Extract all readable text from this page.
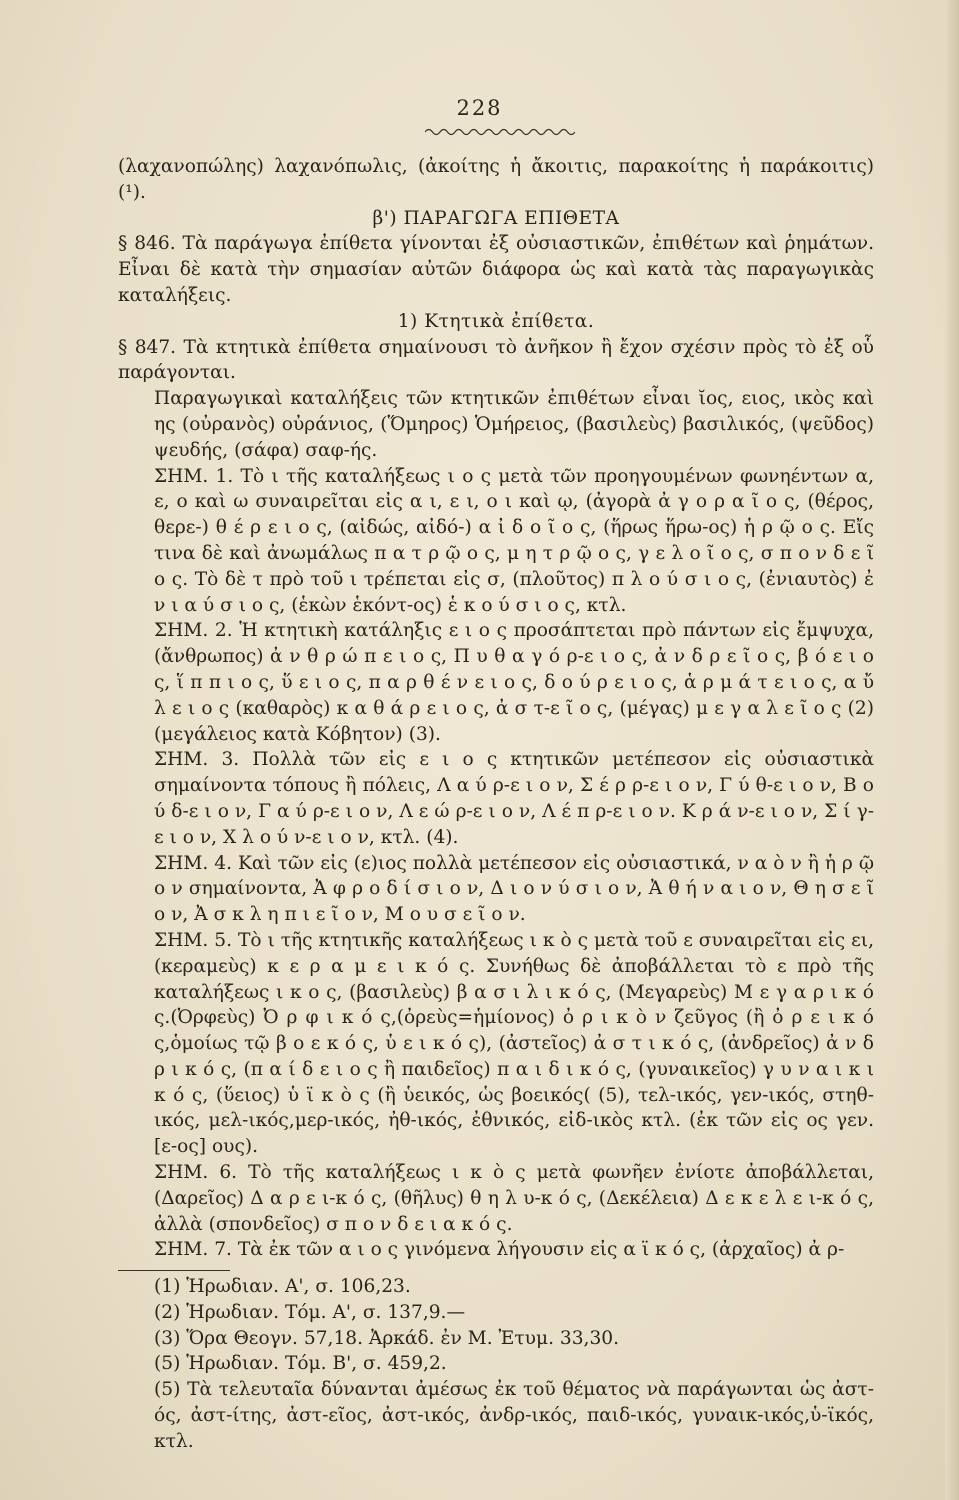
228

(λαχανοπώλης) λαχανόπωλις, (ἀκοίτης ἡ ἄκοιτις, παρακοίτης ἡ παράκοιτις) (¹).

β') ΠΑΡΑΓΩΓΑ ΕΠΙΘΕΤΑ

§ 846. Τὰ παράγωγα ἐπίθετα γίνονται ἐξ οὐσιαστικῶν, ἐπιθέτων καὶ ῥημάτων. Εἶναι δὲ κατὰ τὴν σημασίαν αὐτῶν διάφορα ὡς καὶ κατὰ τὰς παραγωγικὰς καταλήξεις.

1) Κτητικὰ ἐπίθετα.

§ 847. Τὰ κτητικὰ ἐπίθετα σημαίνουσι τὸ ἀνῆκον ἢ ἔχον σχέσιν πρὸς τὸ ἐξ οὗ παράγονται.

Παραγωγικαὶ καταλήξεις τῶν κτητικῶν ἐπιθέτων εἶναι ῐος, ειος, ικὸς καὶ ης (οὐρανὸς) οὐράνιος, (Ὅμηρος) Ὁμήρειος, (βασιλεὺς) βασιλικός, (ψεῦδος) ψευδής, (σάφα) σαφ-ής.

ΣΗΜ. 1. Τὸ ι τῆς καταλήξεως ι ο ς μετὰ τῶν προηγουμένων φωνηέντων α, ε, ο καὶ ω συναιρεῖται εἰς α ι, ε ι, ο ι καὶ ῳ, (ἀγορὰ ἀ γ ο ρ α ῖ ο ς, (θέρος, θερε-) θ έ ρ ε ι ο ς, (αἰδώς, αἰδό-) α ἰ δ ο ῖ ο ς, (ἥρως ἥρω-ος) ἡ ρ ῷ ο ς. Εἴς τινα δὲ καὶ ἀνωμάλως π α τ ρ ῷ ο ς, μ η τ ρ ῷ ο ς, γ ε λ ο ῖ ο ς, σ π ο ν δ ε ῖ ο ς. Τὸ δὲ τ πρὸ τοῦ ι τρέπεται εἰς σ, (πλοῦτος) π λ ο ύ σ ι ο ς, (ἐνιαυτὸς) ἐ ν ι α ύ σ ι ο ς, (ἑκὼν ἑκόντ-ος) ἑ κ ο ύ σ ι ο ς, κτλ.

ΣΗΜ. 2. Ἡ κτητικὴ κατάληξις ε ι ο ς προσάπτεται πρὸ πάντων εἰς ἔμψυχα, (ἄνθρωπος) ἀ ν θ ρ ώ π ε ι ο ς, Π υ θ α γ ό ρ-ε ι ο ς, ἀ ν δ ρ ε ῖ ο ς, β ό ε ι ο ς, ἵ π π ι ο ς, ὕ ε ι ο ς, π α ρ θ έ ν ε ι ο ς, δ ο ύ ρ ε ι ο ς, ἁ ρ μ ά τ ε ι ο ς, α ὔ λ ε ι ο ς (καθαρὸς) κ α θ ά ρ ε ι ο ς, ἀ σ τ-ε ῖ ο ς, (μέγας) μ ε γ α λ ε ῖ ο ς (2) (μεγάλειος κατὰ Κόβητον) (3).

ΣΗΜ. 3. Πολλὰ τῶν εἰς ε ι ο ς κτητικῶν μετέπεσον εἰς οὐσιαστικὰ σημαίνοντα τόπους ἢ πόλεις, Λ α ύ ρ-ε ι ο ν, Σ έ ρ ρ-ε ι ο ν, Γ ύ θ-ε ι ο ν, Β ο ύ δ-ε ι ο ν, Γ α ύ ρ-ε ι ο ν, Λ ε ώ ρ-ε ι ο ν, Λ έ π ρ-ε ι ο ν. Κ ρ ά ν-ε ι ο ν, Σ ί γ-ε ι ο ν, Χ λ ο ύ ν-ε ι ο ν, κτλ. (4).

ΣΗΜ. 4. Καὶ τῶν εἰς (ε)ιος πολλὰ μετέπεσον εἰς οὐσιαστικά, ν α ὸ ν ἢ ἡ ρ ῷ ο ν σημαίνοντα, Ἀ φ ρ ο δ ί σ ι ο ν, Δ ι ο ν ύ σ ι ο ν, Ἀ θ ή ν α ι ο ν, Θ η σ ε ῖ ο ν, Ἀ σ κ λ η π ι ε ῖ ο ν, Μ ο υ σ ε ῖ ο ν.

ΣΗΜ. 5. Τὸ ι τῆς κτητικῆς καταλήξεως ι κ ὸ ς μετὰ τοῦ ε συναιρεῖται εἰς ει, (κεραμεὺς) κ ε ρ α μ ε ι κ ό ς. Συνήθως δὲ ἀποβάλλεται τὸ ε πρὸ τῆς καταλήξεως ι κ ο ς, (βασιλεὺς) β α σ ι λ ι κ ό ς, (Μεγαρεὺς) Μ ε γ α ρ ι κ ό ς.(Ὀρφεὺς) Ὀ ρ φ ι κ ό ς,(ὀρεὺς=ἡμίονος) ὀ ρ ι κ ὸ ν ζεῦγος (ἢ ὀ ρ ε ι κ ό ς,ὁμοίως τῷ β ο ε κ ό ς, ὑ ε ι κ ό ς), (ἀστεῖος) ἀ σ τ ι κ ό ς, (ἀνδρεῖος) ἀ ν δ ρ ι κ ό ς, (π α ί δ ε ι ο ς ἢ παιδεῖος) π α ι δ ι κ ό ς, (γυναικεῖος) γ υ ν α ι κ ι κ ό ς, (ὕειος) ὑ ϊ κ ὸ ς (ἢ ὑεικός, ὡς βοεικός( (5), τελ-ικός, γεν-ικός, στηθ-ικός, μελ-ικός,μερ-ικός, ἠθ-ικός, ἐθνικός, εἰδ-ικὸς κτλ. (ἐκ τῶν εἰς ος γεν. [ε-ος] ους).

ΣΗΜ. 6. Τὸ τῆς καταλήξεως ι κ ὸ ς μετὰ φωνῆεν ἐνίοτε ἀποβάλλεται, (Δαρεῖος) Δ α ρ ε ι-κ ό ς, (θῆλυς) θ η λ υ-κ ό ς, (Δεκέλεια) Δ ε κ ε λ ε ι-κ ό ς, ἀλλὰ (σπονδεῖος) σ π ο ν δ ε ι α κ ό ς.

ΣΗΜ. 7. Τὰ ἐκ τῶν α ι ο ς γινόμενα λήγουσιν εἰς α ϊ κ ό ς, (ἀρχαῖος) ἀ ρ-

(1) Ἡρωδιαν. Α', σ. 106,23.

(2) Ἡρωδιαν. Τόμ. Α', σ. 137,9.—

(3) Ὅρα Θεογν. 57,18. Ἀρκάδ. ἐν Μ. Ἐτυμ. 33,30.

(5) Ἡρωδιαν. Τόμ. Β', σ. 459,2.

(5) Τὰ τελευταῖα δύνανται ἀμέσως ἐκ τοῦ θέματος νὰ παράγωνται ὡς ἀστ-ός, ἀστ-ίτης, ἀστ-εῖος, ἀστ-ικός, ἀνδρ-ικός, παιδ-ικός, γυναικ-ικός,ὑ-ϊκός, κτλ.
